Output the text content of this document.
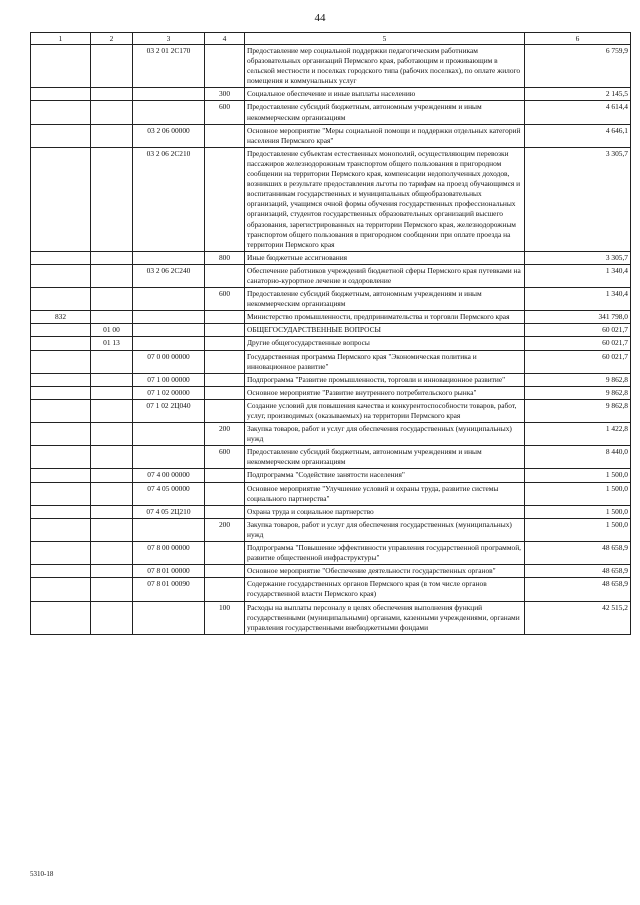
44
1	2	3	4	5	6
		03 2 01 2С170		Предоставление мер социальной поддержки педагогическим работникам образовательных организаций Пермского края, работающим и проживающим в сельской местности и поселках городского типа (рабочих поселках), по оплате жилого помещения и коммунальных услуг	6 759,9
			300	Социальное обеспечение и иные выплаты населению	2 145,5
			600	Предоставление субсидий бюджетным, автономным учреждениям и иным некоммерческим организациям	4 614,4
		03 2 06 00000		Основное мероприятие "Меры социальной помощи и поддержки отдельных категорий населения Пермского края"	4 646,1
		03 2 06 2С210		Предоставление субъектам естественных монополий, осуществляющим перевозки пассажиров железнодорожным транспортом общего пользования в пригородном сообщении на территории Пермского края, компенсации недополученных доходов, возникших в результате предоставления льготы по тарифам на проезд обучающимся и воспитанникам государственных и муниципальных общеобразовательных организаций, учащимся очной формы обучения государственных профессиональных организаций, студентов государственных образовательных организаций высшего образования, зарегистрированных на территории Пермского края, железнодорожным транспортом общего пользования в пригородном сообщении при оплате проезда на территории Пермского края	3 305,7
			800	Иные бюджетные ассигнования	3 305,7
		03 2 06 2С240		Обеспечение работников учреждений бюджетной сферы Пермского края путевками на санаторно-курортное лечение и оздоровление	1 340,4
			600	Предоставление субсидий бюджетным, автономным учреждениям и иным некоммерческим организациям	1 340,4
832				Министерство промышленности, предпринимательства и торговли Пермского края	341 798,0
	01 00			ОБЩЕГОСУДАРСТВЕННЫЕ ВОПРОСЫ	60 021,7
	01 13			Другие общегосударственные вопросы	60 021,7
		07 0 00 00000		Государственная программа Пермского края "Экономическая политика и инновационное развитие"	60 021,7
		07 1 00 00000		Подпрограмма "Развитие промышленности, торговли и инновационное развитие"	9 862,8
		07 1 02 00000		Основное мероприятие "Развитие внутреннего потребительского рынка"	9 862,8
		07 1 02 2Ц040		Создание условий для повышения качества и конкурентоспособности товаров, работ, услуг, производимых (оказываемых) на территории Пермского края	9 862,8
			200	Закупка товаров, работ и услуг для обеспечения государственных (муниципальных) нужд	1 422,8
			600	Предоставление субсидий бюджетным, автономным учреждениям и иным некоммерческим организациям	8 440,0
		07 4 00 00000		Подпрограмма "Содействие занятости населения"	1 500,0
		07 4 05 00000		Основное мероприятие "Улучшение условий и охраны труда, развитие системы социального партнерства"	1 500,0
		07 4 05 2Ц210		Охрана труда и социальное партнерство	1 500,0
			200	Закупка товаров, работ и услуг для обеспечения государственных (муниципальных) нужд	1 500,0
		07 8 00 00000		Подпрограмма "Повышение эффективности управления государственной программой, развитие общественной инфраструктуры"	48 658,9
		07 8 01 00000		Основное мероприятие "Обеспечение деятельности государственных органов"	48 658,9
		07 8 01 00090		Содержание государственных органов Пермского края (в том числе органов государственной власти Пермского края)	48 658,9
			100	Расходы на выплаты персоналу в целях обеспечения выполнения функций государственными (муниципальными) органами, казенными учреждениями, органами управления государственными внебюджетными фондами	42 515,2
5310-18
